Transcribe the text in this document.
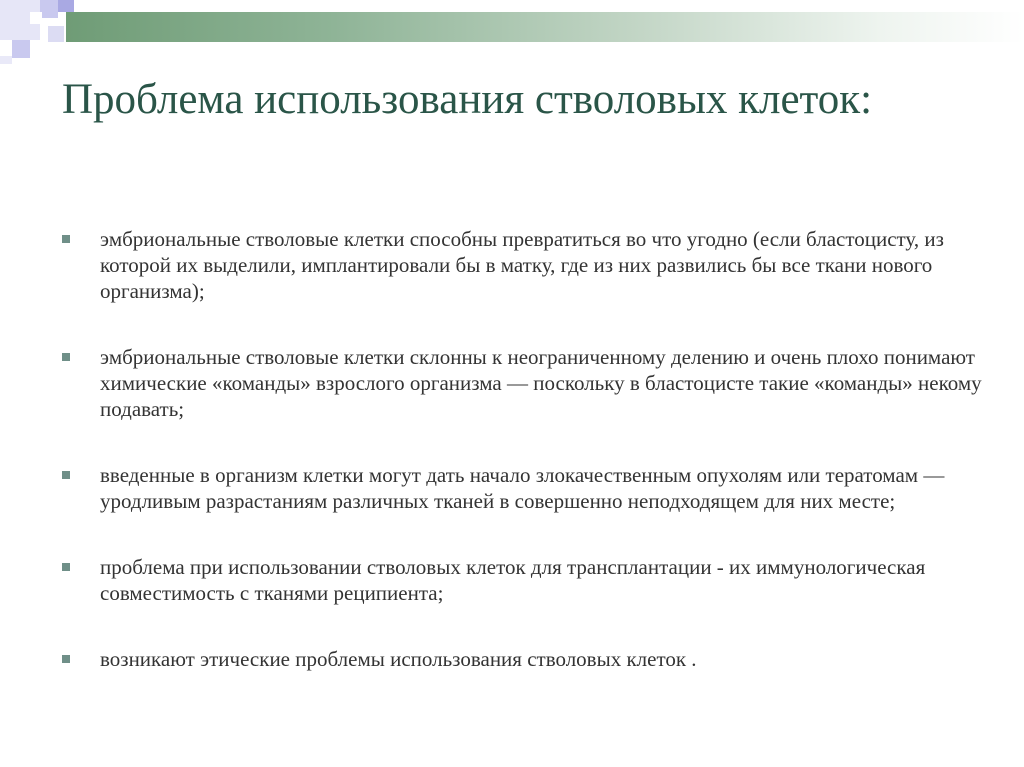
Проблема использования стволовых клеток:
эмбриональные стволовые клетки способны превратиться во что угодно (если бластоцисту, из которой их выделили, имплантировали бы в матку, где из них развились бы все ткани нового организма);
эмбриональные стволовые клетки склонны к неограниченному делению и очень плохо понимают химические «команды» взрослого организма — поскольку в бластоцисте такие «команды» некому подавать;
введенные в организм клетки могут дать начало злокачественным опухолям или тератомам — уродливым разрастаниям различных тканей в совершенно неподходящем для них месте;
проблема при использовании стволовых клеток для трансплантации - их иммунологическая совместимость с тканями реципиента;
возникают этические проблемы использования стволовых клеток .
